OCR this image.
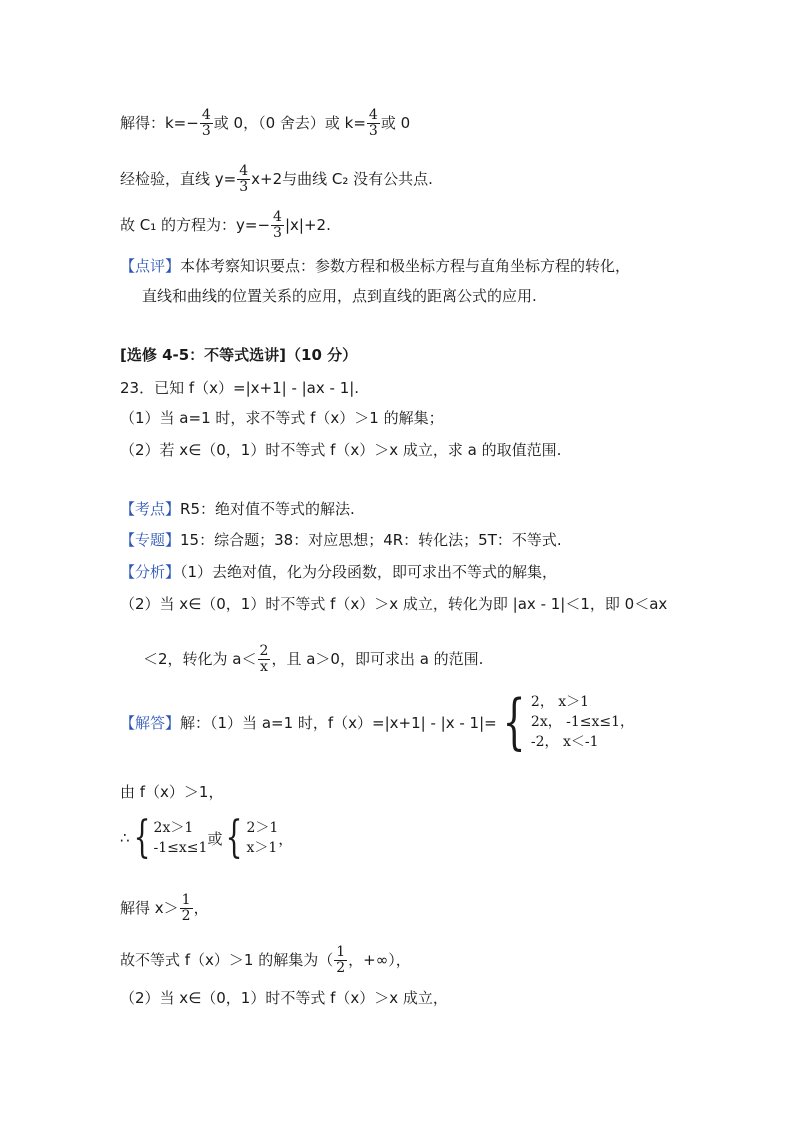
解得：$k=- \frac{4}{3}$ 或 0，（0 舍去）或 $k= \frac{4}{3}$ 或 0
经检验，直线 $y= \frac{4}{3} x+2$与曲线 C₂ 没有公共点.
故 C₁ 的方程为：$y=- \frac{4}{3} |x|+2$.
【点评】本体考察知识要点：参数方程和极坐标方程与直角坐标方程的转化，
直线和曲线的位置关系的应用，点到直线的距离公式的应用.
[选修 4-5：不等式选讲]（10 分）
23．已知 f（x）=|x+1| - |ax - 1|.
（1）当 a=1 时，求不等式 f（x）＞1 的解集；
（2）若 x∈（0，1）时不等式 f（x）＞x 成立，求 a 的取值范围.
【考点】R5：绝对值不等式的解法.
【专题】15：综合题；38：对应思想；4R：转化法；5T：不等式.
【分析】（1）去绝对值，化为分段函数，即可求出不等式的解集，
（2）当 x∈（0，1）时不等式 f（x）＞x 成立，转化为即 |ax - 1|＜1，即 0＜ax
＜2，转化为 $a< \frac{2}{x}$ ，且 a＞0，即可求出 a 的范围.
【解答】 解：（1）当 a=1 时，f（x）=|x+1| - |x - 1|= { 2， x＞1
2x， -1≤x≤1，
-2， x＜-1
由 f（x）＞1，
∴ { 2x＞1
-1≤x≤1
或 { 2＞1
x＞1
，
解得 $x> \frac{1}{2}$ ，
故不等式 f（x）＞1 的解集为（ $\frac{1}{2}$ ，+∞），
（2）当 x∈（0，1）时不等式 f（x）＞x 成立，
